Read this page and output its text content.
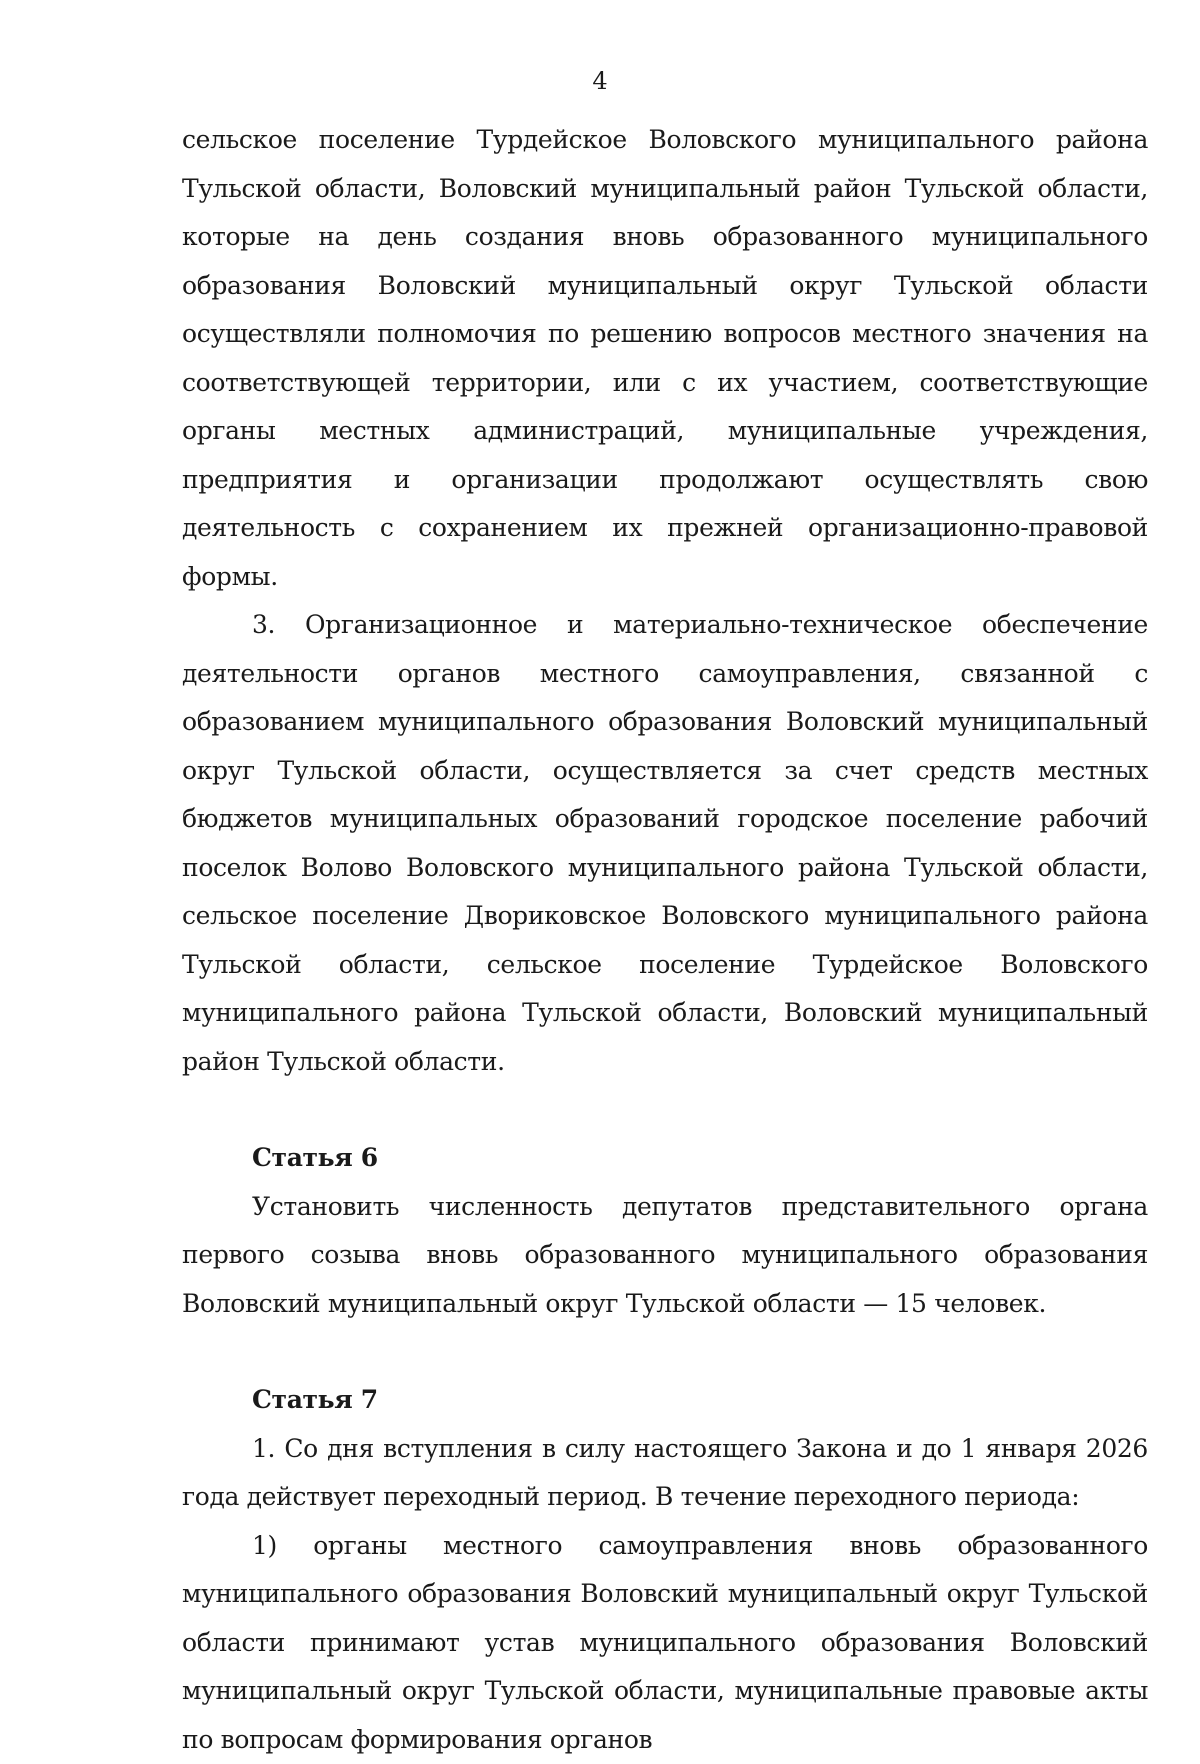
4

сельское поселение Турдейское Воловского муниципального района Тульской области, Воловский муниципальный район Тульской области, которые на день создания вновь образованного муниципального образования Воловский муниципальный округ Тульской области осуществляли полномочия по решению вопросов местного значения на соответствующей территории, или с их участием, соответствующие органы местных администраций, муниципальные учреждения, предприятия и организации продолжают осуществлять свою деятельность с сохранением их прежней организационно-правовой формы.

3. Организационное и материально-техническое обеспечение деятельности органов местного самоуправления, связанной с образованием муниципального образования Воловский муниципальный округ Тульской области, осуществляется за счет средств местных бюджетов муниципальных образований городское поселение рабочий поселок Волово Воловского муниципального района Тульской области, сельское поселение Двориковское Воловского муниципального района Тульской области, сельское поселение Турдейское Воловского муниципального района Тульской области, Воловский муниципальный район Тульской области.

Статья 6

Установить численность депутатов представительного органа первого созыва вновь образованного муниципального образования Воловский муниципальный округ Тульской области — 15 человек.

Статья 7

1. Со дня вступления в силу настоящего Закона и до 1 января 2026 года действует переходный период. В течение переходного периода:

1) органы местного самоуправления вновь образованного муниципального образования Воловский муниципальный округ Тульской области принимают устав муниципального образования Воловский муниципальный округ Тульской области, муниципальные правовые акты по вопросам формирования органов
